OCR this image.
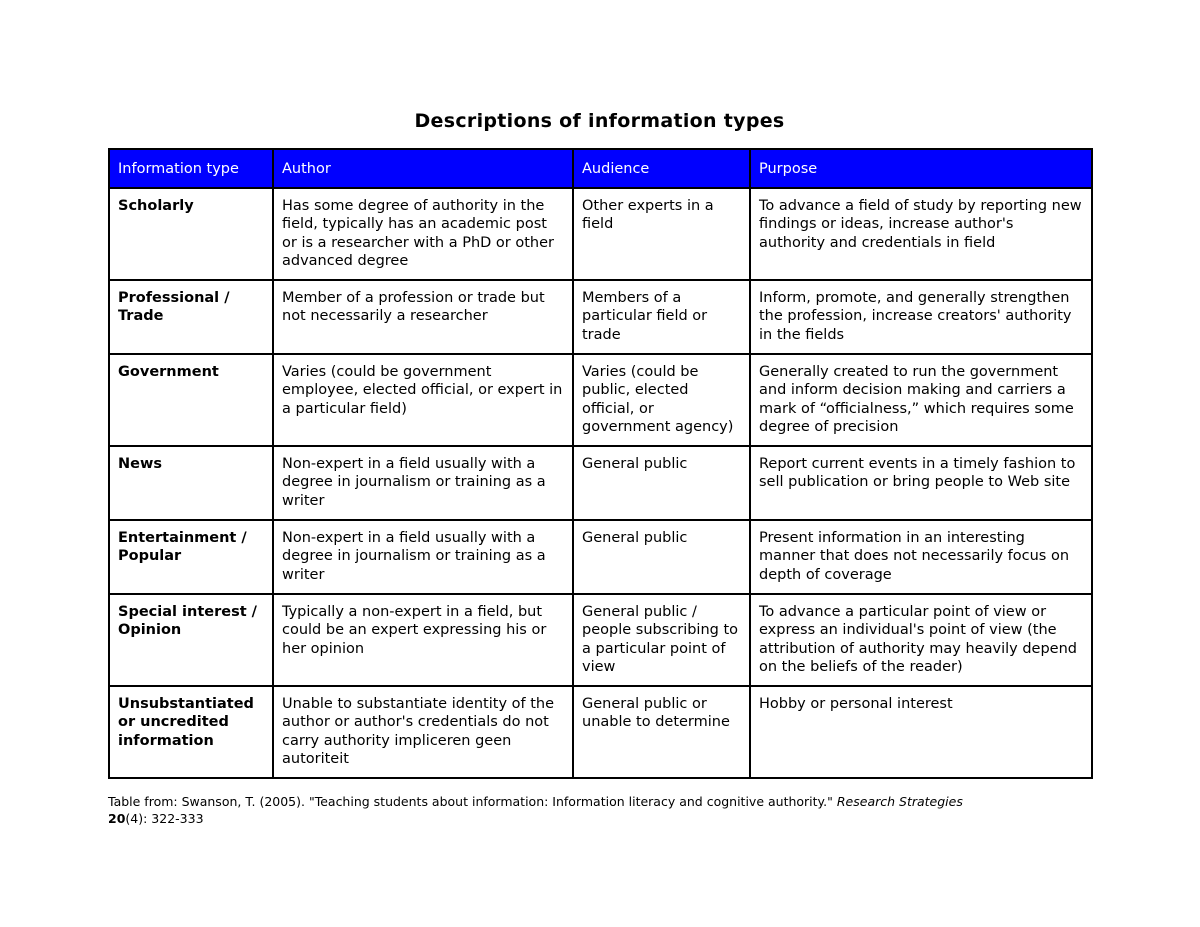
Descriptions of information types
Information type	Author	Audience	Purpose
Scholarly	Has some degree of authority in the field, typically has an academic post or is a researcher with a PhD or other advanced degree	Other experts in a field	To advance a field of study by reporting new findings or ideas, increase author's authority and credentials in field
Professional / Trade	Member of a profession or trade but not necessarily a researcher	Members of a particular field or trade	Inform, promote, and generally strengthen the profession, increase creators' authority in the fields
Government	Varies (could be government employee, elected official, or expert in a particular field)	Varies (could be public, elected official, or government agency)	Generally created to run the government and inform decision making and carriers a mark of “officialness,” which requires some degree of precision
News	Non-expert in a field usually with a degree in journalism or training as a writer	General public	Report current events in a timely fashion to sell publication or bring people to Web site
Entertainment / Popular	Non-expert in a field usually with a degree in journalism or training as a writer	General public	Present information in an interesting manner that does not necessarily focus on depth of coverage
Special interest / Opinion	Typically a non-expert in a field, but could be an expert expressing his or her opinion	General public / people subscribing to a particular point of view	To advance a particular point of view or express an individual's point of view (the attribution of authority may heavily depend on the beliefs of the reader)
Unsubstantiated or uncredited information	Unable to substantiate identity of the author or author's credentials do not carry authority impliceren geen autoriteit	General public or unable to determine	Hobby or personal interest
Table from: Swanson, T. (2005). "Teaching students about information: Information literacy and cognitive authority." Research Strategies
20(4): 322-333
